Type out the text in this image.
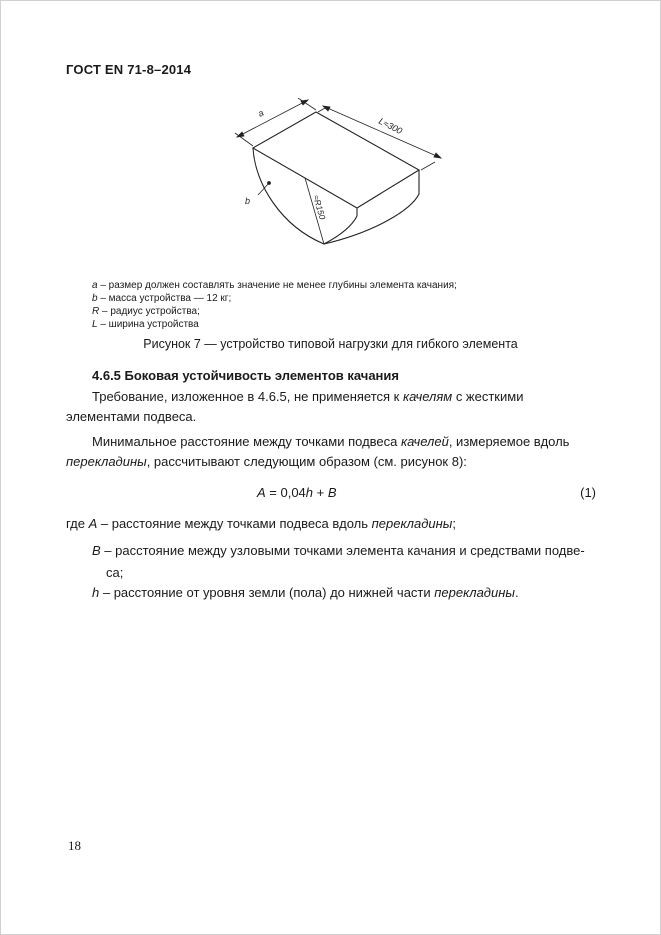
ГОСТ EN 71-8–2014
a
L≈300
b	≈R150
a – размер должен составлять значение не менее глубины элемента качания;
b – масса устройства — 12 кг;
R – радиус устройства;
L – ширина устройства
Рисунок 7 — устройство типовой нагрузки для гибкого элемента
4.6.5 Боковая устойчивость элементов качания
Требование, изложенное в 4.6.5, не применяется к качелям с жесткими элементами подвеса.
Минимальное расстояние между точками подвеса качелей, измеряемое вдоль перекладины, рассчитывают следующим образом (см. рисунок 8):
A = 0,04h + B	(1)
где A – расстояние между точками подвеса вдоль перекладины;
B – расстояние между узловыми точками элемента качания и средствами подве-
са;
h – расстояние от уровня земли (пола) до нижней части перекладины.
18
